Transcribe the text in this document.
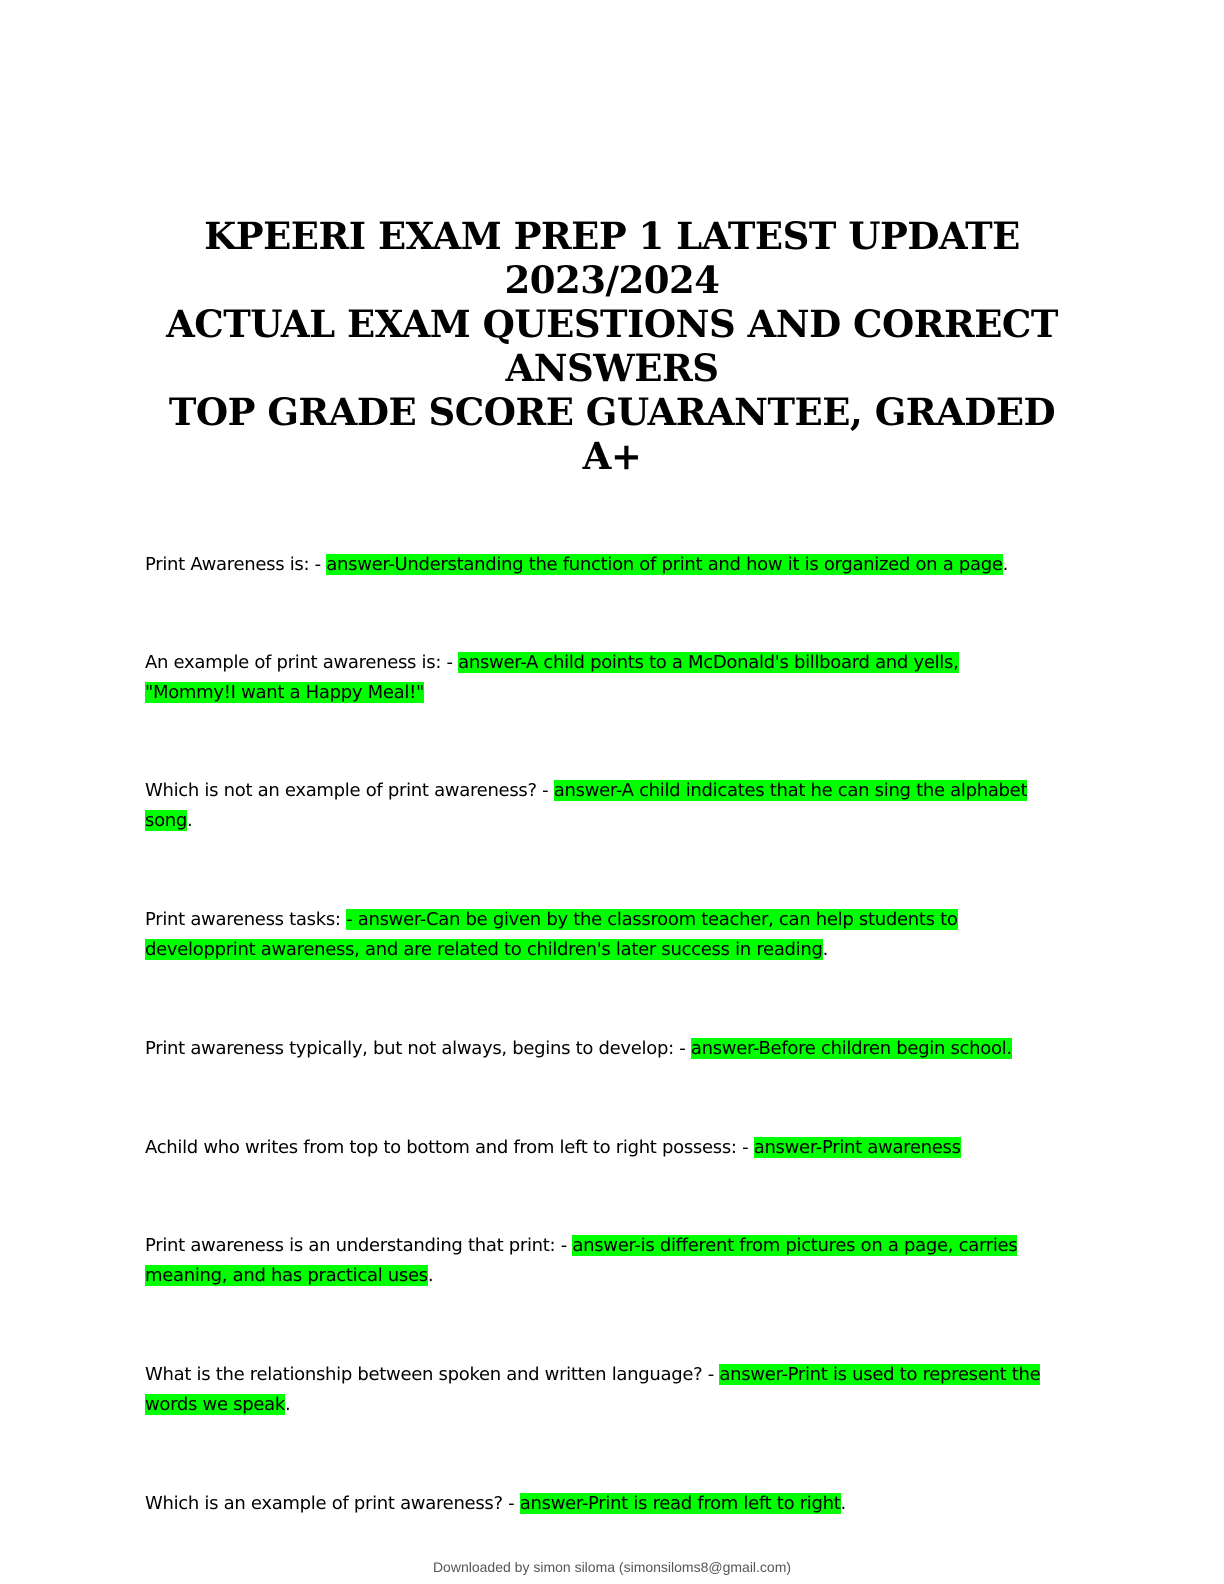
KPEERI EXAM PREP 1 LATEST UPDATE
2023/2024
ACTUAL EXAM QUESTIONS AND CORRECT
ANSWERS
TOP GRADE SCORE GUARANTEE, GRADED
A+
Print Awareness is: - answer-Understanding the function of print and how it is organized on a page.
An example of print awareness is: - answer-A child points to a McDonald's billboard and yells, "Mommy!I want a Happy Meal!"
Which is not an example of print awareness? - answer-A child indicates that he can sing the alphabet song.
Print awareness tasks: - answer-Can be given by the classroom teacher, can help students to developprint awareness, and are related to children's later success in reading.
Print awareness typically, but not always, begins to develop: - answer-Before children begin school.
Achild who writes from top to bottom and from left to right possess: - answer-Print awareness
Print awareness is an understanding that print: - answer-is different from pictures on a page, carries meaning, and has practical uses.
What is the relationship between spoken and written language? - answer-Print is used to represent the words we speak.
Which is an example of print awareness? - answer-Print is read from left to right.
Downloaded by simon siloma (simonsiloms8@gmail.com)
